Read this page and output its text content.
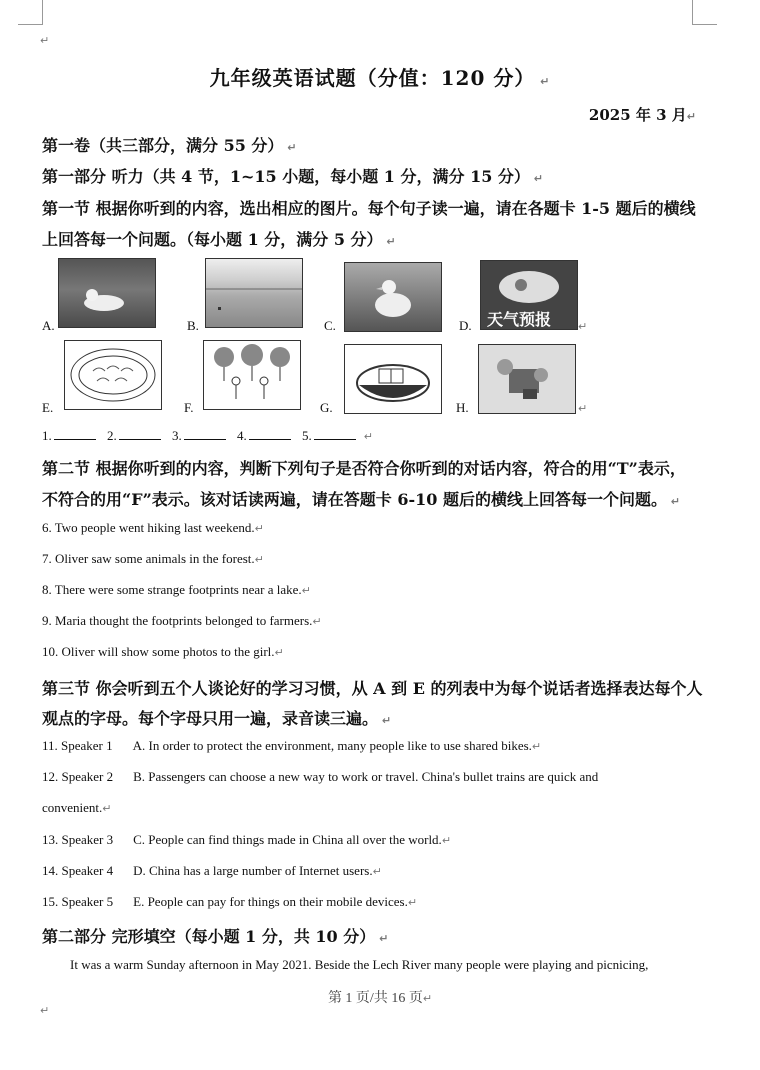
↵
九年级英语试题（分值：120 分） ↵
2025 年 3 月↵
第一卷（共三部分，满分 55 分） ↵
第一部分 听力（共 4 节，1~15 小题，每小题 1 分，满分 15 分） ↵
第一节 根据你听到的内容，选出相应的图片。每个句子读一遍，请在各题卡 1-5 题后的横线
上回答每一个问题。（每小题 1 分，满分 5 分） ↵
A.	B.	C.	D. 天气预报 ↵
E.	F.	G.	H.	↵
1.	2.	3.	4.	5.	↵
第二节 根据你听到的内容，判断下列句子是否符合你听到的对话内容，符合的用“T”表示，
不符合的用“F”表示。该对话读两遍，请在答题卡 6-10 题后的横线上回答每一个问题。 ↵
6. Two people went hiking last weekend.↵
7. Oliver saw some animals in the forest.↵
8. There were some strange footprints near a lake.↵
9. Maria thought the footprints belonged to farmers.↵
10. Oliver will show some photos to the girl.↵
第三节 你会听到五个人谈论好的学习习惯，从 A 到 E 的列表中为每个说话者选择表达每个人
观点的字母。每个字母只用一遍，录音读三遍。 ↵
11. Speaker 1 A. In order to protect the environment, many people like to use shared bikes.↵
12. Speaker 2 B. Passengers can choose a new way to work or travel. China's bullet trains are quick and
convenient.↵
13. Speaker 3 C. People can find things made in China all over the world.↵
14. Speaker 4 D. China has a large number of Internet users.↵
15. Speaker 5 E. People can pay for things on their mobile devices.↵
第二部分 完形填空（每小题 1 分，共 10 分） ↵
It was a warm Sunday afternoon in May 2021. Beside the Lech River many people were playing and picnicing,
第 1 页/共 16 页↵
↵
